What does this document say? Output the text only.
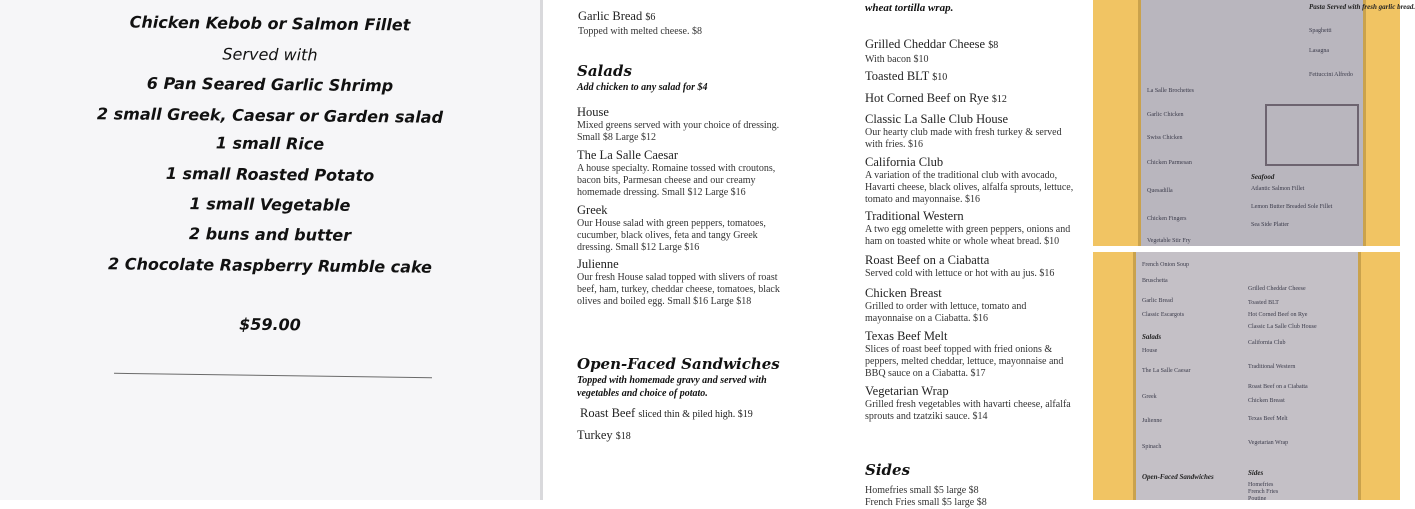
Chicken Kebob or Salmon Fillet
Served with
6 Pan Seared Garlic Shrimp
2 small Greek, Caesar or Garden salad
1 small Rice
1 small Roasted Potato
1 small Vegetable
2 buns and butter
2 Chocolate Raspberry Rumble cake
$59.00
Garlic Bread $6
Topped with melted cheese. $8
Salads
Add chicken to any salad for $4
House
Mixed greens served with your choice of dressing.
Small $8 Large $12
The La Salle Caesar
A house specialty. Romaine tossed with croutons,
bacon bits, Parmesan cheese and our creamy
homemade dressing. Small $12 Large $16
Greek
Our House salad with green peppers, tomatoes,
cucumber, black olives, feta and tangy Greek
dressing. Small $12 Large $16
Julienne
Our fresh House salad topped with slivers of roast
beef, ham, turkey, cheddar cheese, tomatoes, black
olives and boiled egg. Small $16 Large $18
Open-Faced Sandwiches
Topped with homemade gravy and served with
vegetables and choice of potato.
Roast Beef sliced thin & piled high. $19
Turkey $18
wheat tortilla wrap.
Grilled Cheddar Cheese $8
With bacon $10
Toasted BLT $10
Hot Corned Beef on Rye $12
Classic La Salle Club House
Our hearty club made with fresh turkey & served
with fries. $16
California Club
A variation of the traditional club with avocado,
Havarti cheese, black olives, alfalfa sprouts, lettuce,
tomato and mayonnaise. $16
Traditional Western
A two egg omelette with green peppers, onions and
ham on toasted white or whole wheat bread. $10
Roast Beef on a Ciabatta
Served cold with lettuce or hot with au jus. $16
Chicken Breast
Grilled to order with lettuce, tomato and
mayonnaise on a Ciabatta. $16
Texas Beef Melt
Slices of roast beef topped with fried onions &
peppers, melted cheddar, lettuce, mayonnaise and
BBQ sauce on a Ciabatta. $17
Vegetarian Wrap
Grilled fresh vegetables with havarti cheese, alfalfa
sprouts and tzatziki sauce. $14
Sides
Homefries small $5 large $8
French Fries small $5 large $8
Pasta Served with fresh garlic bread.
Spaghetti
Lasagna
Fettuccini Alfredo
Seafood
Atlantic Salmon Fillet
Lemon Butter Breaded Sole Fillet
Sea Side Platter
Vegetable Stir Fry
Garlic Chicken
Swiss Chicken
Chicken Parmesan
Quesadilla
Chicken Fingers
La Salle Brochettes
French Onion Soup
Bruschetta
Garlic Bread
Classic Escargots
Salads
House
The La Salle Caesar
Greek
Julienne
Spinach
Open-Faced Sandwiches
Grilled Cheddar Cheese
Toasted BLT
Hot Corned Beef on Rye
Classic La Salle Club House
California Club
Traditional Western
Roast Beef on a Ciabatta
Chicken Breast
Texas Beef Melt
Vegetarian Wrap
Sides
Homefries
French Fries
Poutine
